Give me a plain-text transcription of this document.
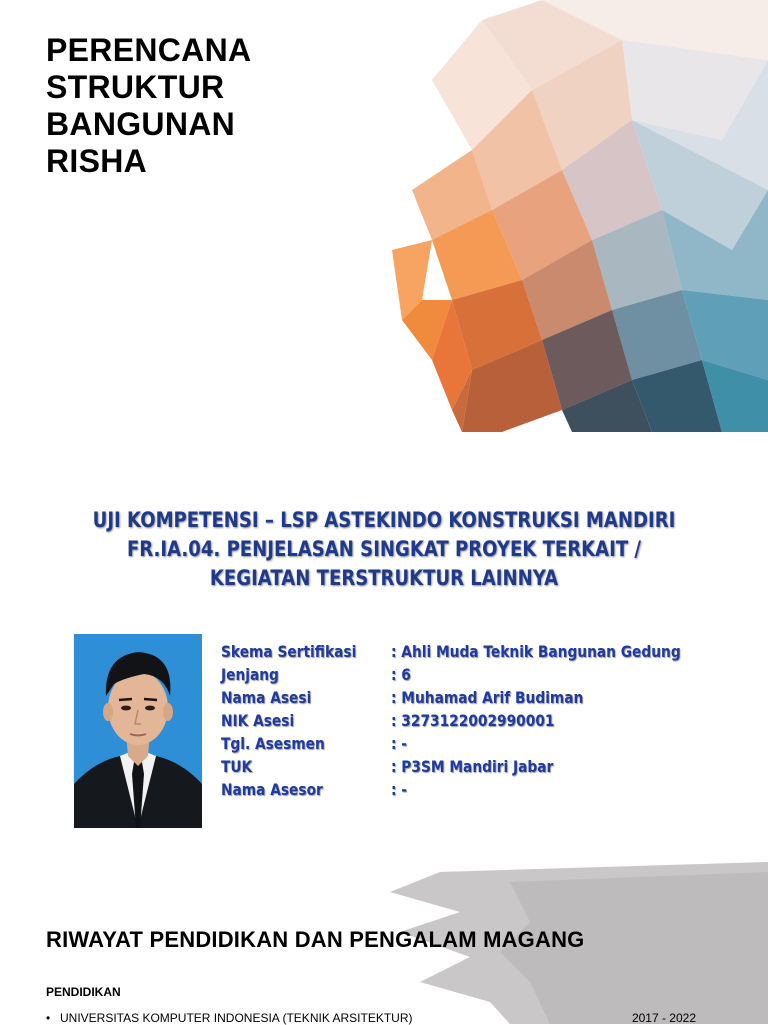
PERENCANA
STRUKTUR
BANGUNAN
RISHA
UJI KOMPETENSI – LSP ASTEKINDO KONSTRUKSI MANDIRI
FR.IA.04. PENJELASAN SINGKAT PROYEK TERKAIT /
KEGIATAN TERSTRUKTUR LAINNYA
Skema Sertifikasi	: Ahli Muda Teknik Bangunan Gedung
Jenjang	: 6
Nama Asesi	: Muhamad Arif Budiman
NIK Asesi	: 3273122002990001
Tgl. Asesmen	: -
TUK	: P3SM Mandiri Jabar
Nama Asesor	: -
RIWAYAT PENDIDIKAN DAN PENGALAM MAGANG
PENDIDIKAN
• UNIVERSITAS KOMPUTER INDONESIA (TEKNIK ARSITEKTUR)	2017 - 2022
